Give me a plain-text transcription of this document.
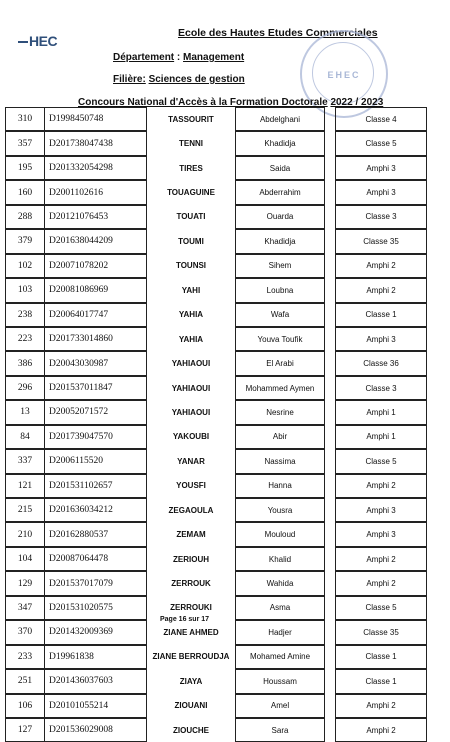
HEC	Ecole des Hautes Etudes Commerciales
EHEC
Département : Management
Filière: Sciences de gestion
Concours National d'Accès à la Formation Doctorale 2022 / 2023
310	D1998450748	TASSOURIT	Abdelghani		Classe 4
357	D201738047438	TENNI	Khadidja		Classe 5
195	D201332054298	TIRES	Saida		Amphi 3
160	D2001102616	TOUAGUINE	Abderrahim		Amphi 3
288	D20121076453	TOUATI	Ouarda		Classe 3
379	D201638044209	TOUMI	Khadidja		Classe 35
102	D20071078202	TOUNSI	Sihem		Amphi 2
103	D20081086969	YAHI	Loubna		Amphi 2
238	D20064017747	YAHIA	Wafa		Classe 1
223	D201733014860	YAHIA	Youva Toufik		Amphi 3
386	D20043030987	YAHIAOUI	El Arabi		Classe 36
296	D201537011847	YAHIAOUI	Mohammed Aymen		Classe 3
13	D20052071572	YAHIAOUI	Nesrine		Amphi 1
84	D201739047570	YAKOUBI	Abir		Amphi 1
337	D2006115520	YANAR	Nassima		Classe 5
121	D201531102657	YOUSFI	Hanna		Amphi 2
215	D201636034212	ZEGAOULA	Yousra		Amphi 3
210	D20162880537	ZEMAM	Mouloud		Amphi 3
104	D20087064478	ZERIOUH	Khalid		Amphi 2
129	D201537017079	ZERROUK	Wahida		Amphi 2
347	D201531020575	ZERROUKI	Asma		Classe 5
370	D201432009369	ZIANE AHMED	Hadjer		Classe 35
233	D19961838	ZIANE BERROUDJA	Mohamed Amine		Classe 1
251	D201436037603	ZIAYA	Houssam		Classe 1
106	D20101055214	ZIOUANI	Amel		Amphi 2
127	D201536029008	ZIOUCHE	Sara		Amphi 2
Page 16 sur 17
